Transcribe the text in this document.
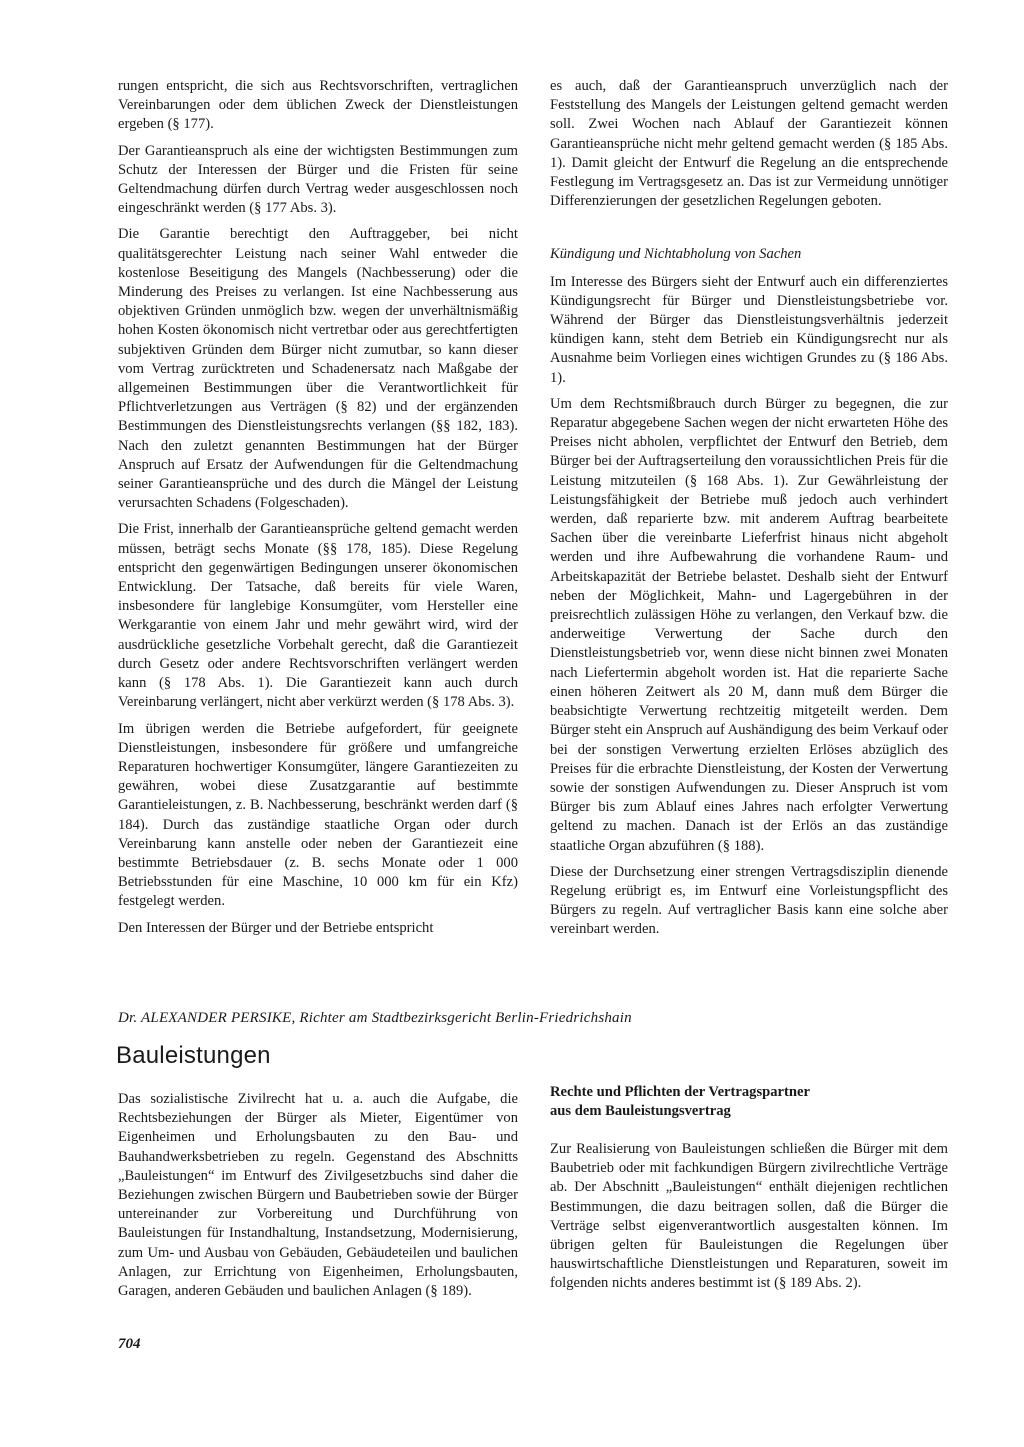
rungen entspricht, die sich aus Rechtsvorschriften, vertraglichen Vereinbarungen oder dem üblichen Zweck der Dienstleistungen ergeben (§ 177).

Der Garantieanspruch als eine der wichtigsten Bestimmungen zum Schutz der Interessen der Bürger und die Fristen für seine Geltendmachung dürfen durch Vertrag weder ausgeschlossen noch eingeschränkt werden (§ 177 Abs. 3).

Die Garantie berechtigt den Auftraggeber, bei nicht qualitätsgerechter Leistung nach seiner Wahl entweder die kostenlose Beseitigung des Mangels (Nachbesserung) oder die Minderung des Preises zu verlangen. Ist eine Nachbesserung aus objektiven Gründen unmöglich bzw. wegen der unverhältnismäßig hohen Kosten ökonomisch nicht vertretbar oder aus gerechtfertigten subjektiven Gründen dem Bürger nicht zumutbar, so kann dieser vom Vertrag zurücktreten und Schadenersatz nach Maßgabe der allgemeinen Bestimmungen über die Verantwortlichkeit für Pflichtverletzungen aus Verträgen (§ 82) und der ergänzenden Bestimmungen des Dienstleistungsrechts verlangen (§§ 182, 183). Nach den zuletzt genannten Bestimmungen hat der Bürger Anspruch auf Ersatz der Aufwendungen für die Geltendmachung seiner Garantieansprüche und des durch die Mängel der Leistung verursachten Schadens (Folgeschaden).

Die Frist, innerhalb der Garantieansprüche geltend gemacht werden müssen, beträgt sechs Monate (§§ 178, 185). Diese Regelung entspricht den gegenwärtigen Bedingungen unserer ökonomischen Entwicklung. Der Tatsache, daß bereits für viele Waren, insbesondere für langlebige Konsumgüter, vom Hersteller eine Werkgarantie von einem Jahr und mehr gewährt wird, wird der ausdrückliche gesetzliche Vorbehalt gerecht, daß die Garantiezeit durch Gesetz oder andere Rechtsvorschriften verlängert werden kann (§ 178 Abs. 1). Die Garantiezeit kann auch durch Vereinbarung verlängert, nicht aber verkürzt werden (§ 178 Abs. 3).

Im übrigen werden die Betriebe aufgefordert, für geeignete Dienstleistungen, insbesondere für größere und umfangreiche Reparaturen hochwertiger Konsumgüter, längere Garantiezeiten zu gewähren, wobei diese Zusatzgarantie auf bestimmte Garantieleistungen, z. B. Nachbesserung, beschränkt werden darf (§ 184). Durch das zuständige staatliche Organ oder durch Vereinbarung kann anstelle oder neben der Garantiezeit eine bestimmte Betriebsdauer (z. B. sechs Monate oder 1 000 Betriebsstunden für eine Maschine, 10 000 km für ein Kfz) festgelegt werden.

Den Interessen der Bürger und der Betriebe entspricht

es auch, daß der Garantieanspruch unverzüglich nach der Feststellung des Mangels der Leistungen geltend gemacht werden soll. Zwei Wochen nach Ablauf der Garantiezeit können Garantieansprüche nicht mehr geltend gemacht werden (§ 185 Abs. 1). Damit gleicht der Entwurf die Regelung an die entsprechende Festlegung im Vertragsgesetz an. Das ist zur Vermeidung unnötiger Differenzierungen der gesetzlichen Regelungen geboten.

Kündigung und Nichtabholung von Sachen

Im Interesse des Bürgers sieht der Entwurf auch ein differenziertes Kündigungsrecht für Bürger und Dienstleistungsbetriebe vor. Während der Bürger das Dienstleistungsverhältnis jederzeit kündigen kann, steht dem Betrieb ein Kündigungsrecht nur als Ausnahme beim Vorliegen eines wichtigen Grundes zu (§ 186 Abs. 1).

Um dem Rechtsmißbrauch durch Bürger zu begegnen, die zur Reparatur abgegebene Sachen wegen der nicht erwarteten Höhe des Preises nicht abholen, verpflichtet der Entwurf den Betrieb, dem Bürger bei der Auftragserteilung den voraussichtlichen Preis für die Leistung mitzuteilen (§ 168 Abs. 1). Zur Gewährleistung der Leistungsfähigkeit der Betriebe muß jedoch auch verhindert werden, daß reparierte bzw. mit anderem Auftrag bearbeitete Sachen über die vereinbarte Lieferfrist hinaus nicht abgeholt werden und ihre Aufbewahrung die vorhandene Raum- und Arbeitskapazität der Betriebe belastet. Deshalb sieht der Entwurf neben der Möglichkeit, Mahn- und Lagergebühren in der preisrechtlich zulässigen Höhe zu verlangen, den Verkauf bzw. die anderweitige Verwertung der Sache durch den Dienstleistungsbetrieb vor, wenn diese nicht binnen zwei Monaten nach Liefertermin abgeholt worden ist. Hat die reparierte Sache einen höheren Zeitwert als 20 M, dann muß dem Bürger die beabsichtigte Verwertung rechtzeitig mitgeteilt werden. Dem Bürger steht ein Anspruch auf Aushändigung des beim Verkauf oder bei der sonstigen Verwertung erzielten Erlöses abzüglich des Preises für die erbrachte Dienstleistung, der Kosten der Verwertung sowie der sonstigen Aufwendungen zu. Dieser Anspruch ist vom Bürger bis zum Ablauf eines Jahres nach erfolgter Verwertung geltend zu machen. Danach ist der Erlös an das zuständige staatliche Organ abzuführen (§ 188).

Diese der Durchsetzung einer strengen Vertragsdisziplin dienende Regelung erübrigt es, im Entwurf eine Vorleistungspflicht des Bürgers zu regeln. Auf vertraglicher Basis kann eine solche aber vereinbart werden.

Dr. ALEXANDER PERSIKE, Richter am Stadtbezirksgericht Berlin-Friedrichshain
Bauleistungen

Das sozialistische Zivilrecht hat u. a. auch die Aufgabe, die Rechtsbeziehungen der Bürger als Mieter, Eigentümer von Eigenheimen und Erholungsbauten zu den Bau- und Bauhandwerksbetrieben zu regeln. Gegenstand des Abschnitts „Bauleistungen“ im Entwurf des Zivilgesetzbuchs sind daher die Beziehungen zwischen Bürgern und Baubetrieben sowie der Bürger untereinander zur Vorbereitung und Durchführung von Bauleistungen für Instandhaltung, Instandsetzung, Modernisierung, zum Um- und Ausbau von Gebäuden, Gebäudeteilen und baulichen Anlagen, zur Errichtung von Eigenheimen, Erholungsbauten, Garagen, anderen Gebäuden und baulichen Anlagen (§ 189).

Rechte und Pflichten der Vertragspartner
aus dem Bauleistungsvertrag

Zur Realisierung von Bauleistungen schließen die Bürger mit dem Baubetrieb oder mit fachkundigen Bürgern zivilrechtliche Verträge ab. Der Abschnitt „Bauleistungen“ enthält diejenigen rechtlichen Bestimmungen, die dazu beitragen sollen, daß die Bürger die Verträge selbst eigenverantwortlich ausgestalten können. Im übrigen gelten für Bauleistungen die Regelungen über hauswirtschaftliche Dienstleistungen und Reparaturen, soweit im folgenden nichts anderes bestimmt ist (§ 189 Abs. 2).

704
